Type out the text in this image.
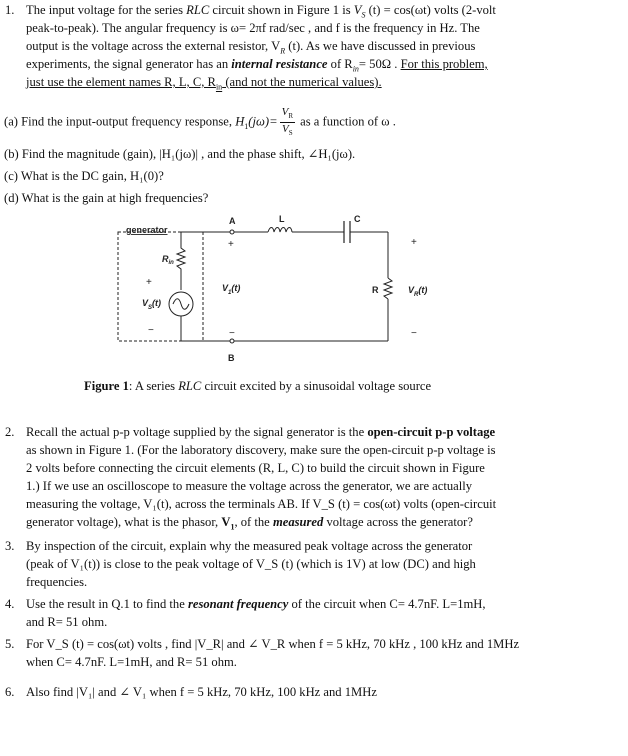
1. The input voltage for the series RLC circuit shown in Figure 1 is $V_S$ (t) = cos(ωt) volts (2-volt
peak-to-peak). The angular frequency is ω= 2πf rad/sec , and f is the frequency in Hz. The
output is the voltage across the external resistor, $V_R$ (t). As we have discussed in previous
experiments, the signal generator has an internal resistance of $R_{in}= 50\Omega$ . For this problem,
just use the element names R, L, C, $R_{in}$ (and not the numerical values).
(a) Find the input-output frequency response, $H_1(j\omega)= \frac{V_R}{V_S}$ as a function of ω .
(b) Find the magnitude (gain), |H₁(jω)| , and the phase shift, ∠H₁(jω).
(c) What is the DC gain, H₁(0)?
(d) What is the gain at high frequencies?
generator
$R_{in}$
+
$V_S(t)$
−
A	L	C
R
B
+
$V_1(t)$
−
+
$V_R(t)$
−
Figure 1: A series RLC circuit excited by a sinusoidal voltage source
2. Recall the actual p-p voltage supplied by the signal generator is the open-circuit p-p voltage
as shown in Figure 1. (For the laboratory discovery, make sure the open-circuit p-p voltage is
2 volts before connecting the circuit elements (R, L, C) to build the circuit shown in Figure
1.) If we use an oscilloscope to measure the voltage across the generator, we are actually
measuring the voltage, V₁(t), across the terminals AB. If V_S (t) = cos(ωt) volts (open-circuit
generator voltage), what is the phasor, $V_1$, of the measured voltage across the generator?
3. By inspection of the circuit, explain why the measured peak voltage across the generator
(peak of V₁(t)) is close to the peak voltage of V_S (t) (which is 1V) at low (DC) and high
frequencies.
4. Use the result in Q.1 to find the resonant frequency of the circuit when C= 4.7nF. L=1mH,
and R= 51 ohm.
5. For V_S (t) = cos(ωt) volts , find |V_R| and ∠ V_R when f = 5 kHz, 70 kHz , 100 kHz and 1MHz
when C= 4.7nF. L=1mH, and R= 51 ohm.
6. Also find |V₁| and ∠ V₁ when f = 5 kHz, 70 kHz, 100 kHz and 1MHz
